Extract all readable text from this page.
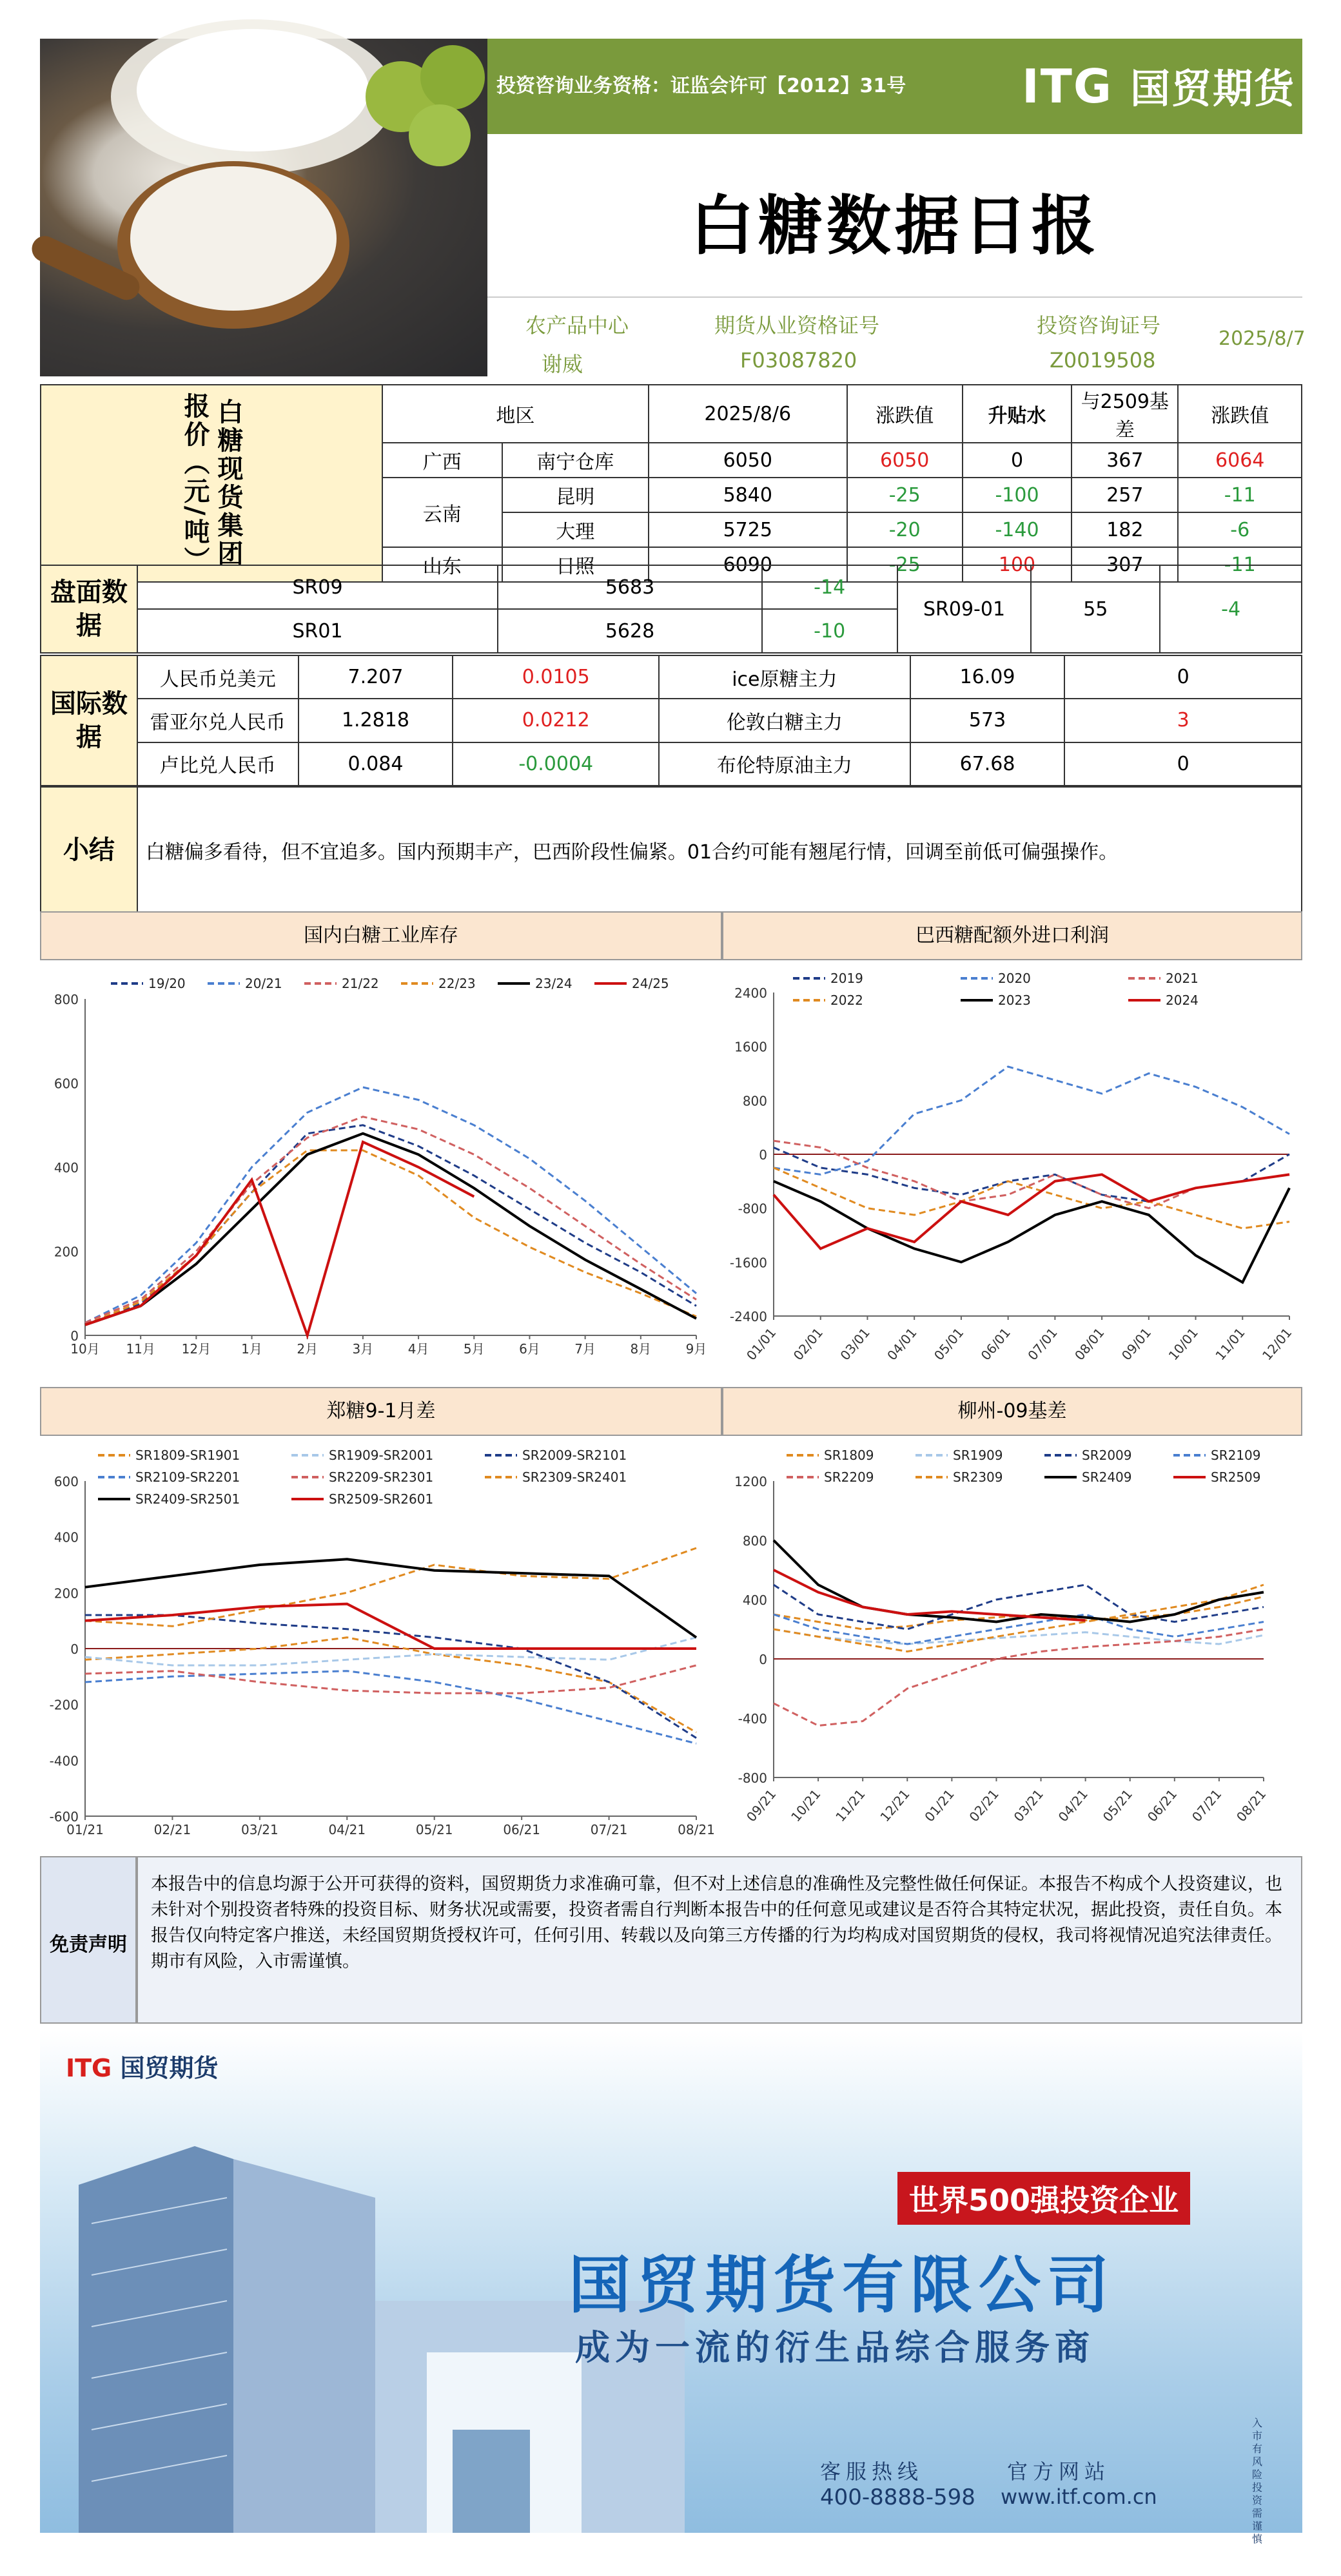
投资咨询业务资格：证监会许可【2012】31号 ITG 国贸期货
白糖数据日报
农产品中心	期货从业资格证号	投资咨询证号
谢威	F03087820	Z0019508
2025/8/7
白糖现货集团报价（元/吨）	地区		2025/8/6	涨跌值	升贴水	与2509基差	涨跌值
	广西	南宁仓库	6050	6050	0	367	6064
	云南	昆明	5840	-25	-100	257	-11
		大理	5725	-20	-140	182	-6
	山东	日照	6090	-25	100	307	-11
盘面数据	SR09	5683	-14	SR09-01	55	-4
	SR01	5628	-10			
国际数据	人民币兑美元	7.207	0.0105	ice原糖主力	16.09	0
	雷亚尔兑人民币	1.2818	0.0212	伦敦白糖主力	573	3
	卢比兑人民币	0.084	-0.0004	布伦特原油主力	67.68	0
小结	白糖偏多看待，但不宜追多。国内预期丰产，巴西阶段性偏紧。01合约可能有翘尾行情，回调至前低可偏强操作。
国内白糖工业库存	巴西糖配额外进口利润
0
200
400
600
800
10月 11月 12月 1月	2月	3月	4月	5月	6月	7月	8月	9月
19/20	20/21	21/22	22/23	23/24	24/25
-2400
-1600
-800
0
800
1600
2400
01/01 02/01 03/01 04/01 05/01 06/01 07/01 08/01 09/01 10/01 11/01 12/01
2019	2020	2021
2022	2023	2024
郑糖9-1月差	柳州-09基差
-600
-400
-200
0
200
400
600
01/21	02/21	03/21	04/21	05/21	06/21	07/21	08/21
SR1809-SR1901	SR1909-SR2001	SR2009-SR2101
SR2109-SR2201	SR2209-SR2301	SR2309-SR2401
SR2409-SR2501	SR2509-SR2601
-800
-400
0
400
800
1200
09/21 10/21 11/21 12/21 01/21 02/21 03/21 04/21 05/21 06/21 07/21 08/21
SR1809	SR1909	SR2009	SR2109
SR2209	SR2309	SR2409	SR2509
免责声明
本报告中的信息均源于公开可获得的资料，国贸期货力求准确可靠，但不对上述信息的准确性及完整性做任何保证。本报告不构成个人投资建议，也未针对个别投资者特殊的投资目标、财务状况或需要，投资者需自行判断本报告中的任何意见或建议是否符合其特定状况，据此投资，责任自负。本报告仅向特定客户推送，未经国贸期货授权许可，任何引用、转载以及向第三方传播的行为均构成对国贸期货的侵权，我司将视情况追究法律责任。期市有风险，入市需谨慎。
ITG 国贸期货
世界500强投资企业
国贸期货有限公司
成为一流的衍生品综合服务商
客服热线
400-8888-598
官方网站
www.itf.com.cn
入市有风险 投资需谨慎
